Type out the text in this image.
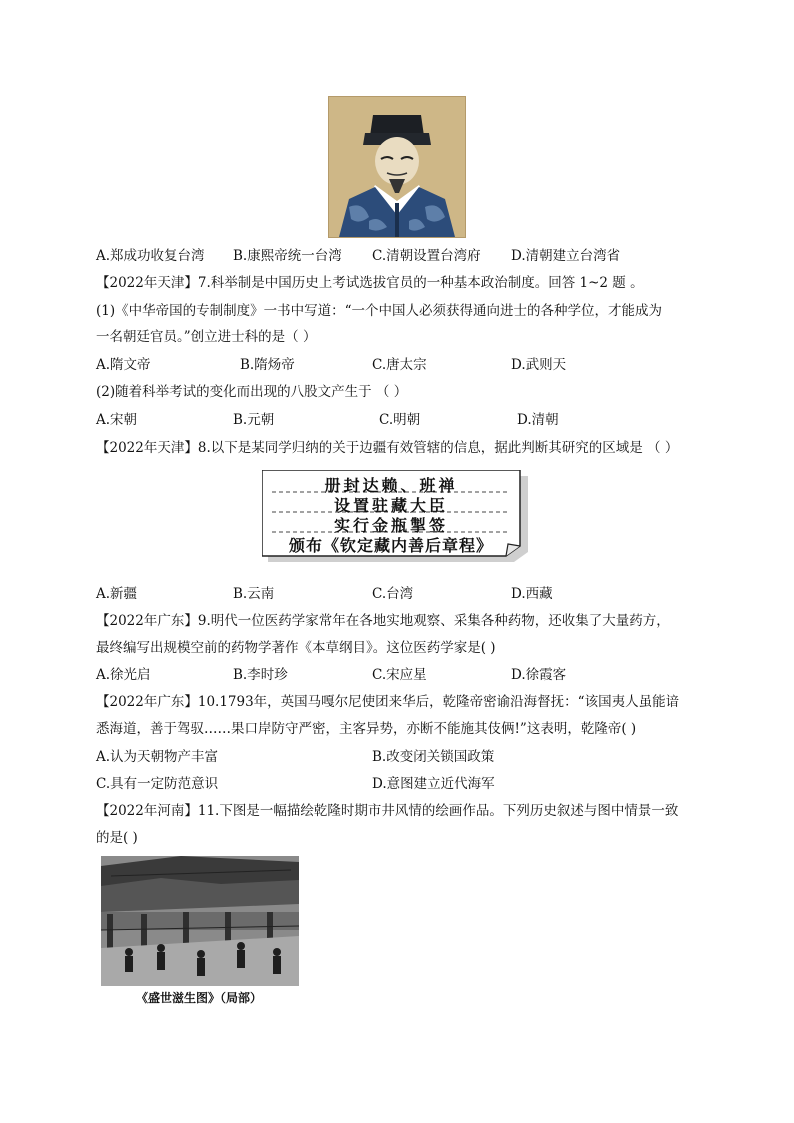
A.郑成功收复台湾 B.康熙帝统一台湾 C.清朝设置台湾府 D.清朝建立台湾省
【2022年天津】7.科举制是中国历史上考试选拔官员的一种基本政治制度。回答 1~2 题 。
(1)《中华帝国的专制制度》一书中写道：“一个中国人必须获得通向进士的各种学位，才能成为
一名朝廷官员。”创立进士科的是（ ）
A.隋文帝	B.隋炀帝	C.唐太宗	D.武则天
(2)随着科举考试的变化而出现的八股文产生于 （ ）
A.宋朝	B.元朝	C.明朝	D.清朝
【2022年天津】8.以下是某同学归纳的关于边疆有效管辖的信息，据此判断其研究的区域是 （ ）
册封达赖、班禅
设置驻藏大臣
实行金瓶掣签
颁布《钦定藏内善后章程》
A.新疆	B.云南	C.台湾	D.西藏
【2022年广东】9.明代一位医药学家常年在各地实地观察、采集各种药物，还收集了大量药方，
最终编写出规模空前的药物学著作《本草纲目》。这位医药学家是( )
A.徐光启	B.李时珍	C.宋应星	D.徐霞客
【2022年广东】10.1793年，英国马嘎尔尼使团来华后，乾隆帝密谕沿海督抚：“该国夷人虽能谙
悉海道，善于驾驭……果口岸防守严密，主客异势，亦断不能施其伎俩!”这表明，乾隆帝( )
A.认为天朝物产丰富	B.改变闭关锁国政策
C.具有一定防范意识	D.意图建立近代海军
【2022年河南】11.下图是一幅描绘乾隆时期市井风情的绘画作品。下列历史叙述与图中情景一致
的是( )
《盛世滋生图》（局部）
